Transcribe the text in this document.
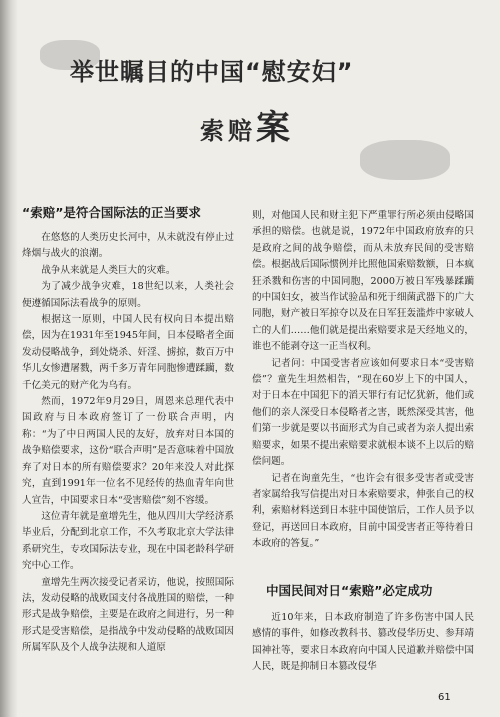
举世瞩目的中国“慰安妇”
索赔案
“索赔”是符合国际法的正当要求

在悠悠的人类历史长河中，从未就没有停止过烽烟与战火的浪潮。

战争从来就是人类巨大的灾难。

为了减少战争灾难，18世纪以来，人类社会便遵循国际法看战争的原则。

根据这一原则，中国人民有权向日本提出赔偿，因为在1931年至1945年间，日本侵略者全面发动侵略战争，到处烧杀、奸淫、掳掠，数百万中华儿女惨遭屠戮，两千多万青年同胞惨遭蹂躏，数千亿美元的财产化为乌有。

然而，1972年9月29日，周恩来总理代表中国政府与日本政府签订了一份联合声明，内称：“为了中日两国人民的友好，放弃对日本国的战争赔偿要求，这份“联合声明”是否意味着中国放弃了对日本的所有赔偿要求？20年来没人对此探究，直到1991年一位名不见经传的热血青年向世人宣告，中国要求日本“受害赔偿”刻不容缓。

这位青年就是童增先生，他从四川大学经济系毕业后，分配到北京工作，不久考取北京大学法律系研究生，专攻国际法专业，现在中国老龄科学研究中心工作。

童增先生两次接受记者采访，他说，按照国际法，发动侵略的战败国支付各战胜国的赔偿，一种形式是战争赔偿，主要是在政府之间进行，另一种形式是受害赔偿，是指战争中发动侵略的战败国因所属军队及个人战争法规和人道原

则，对他国人民和财主犯下严重罪行所必须由侵略国承担的赔偿。也就是说，1972年中国政府放弃的只是政府之间的战争赔偿，而从未放弃民间的受害赔偿。根据战后国际惯例并比照他国索赔数额，日本疯狂杀戮和伤害的中国同胞，2000万被日军残暴蹂躏的中国妇女，被当作试验品和死于细菌武器下的广大同胞，财产被日军掠夺以及在日军狂轰滥炸中家破人亡的人们……他们就是提出索赔要求是天经地义的，谁也不能剥夺这一正当权利。

记者问：中国受害者应该如何要求日本“受害赔偿”？童先生坦然相告，“现在60岁上下的中国人，对于日本在中国犯下的滔天罪行有记忆犹新，他们或他们的亲人深受日本侵略者之害，既然深受其害，他们第一步就是要以书面形式为自己或者为亲人提出索赔要求，如果不提出索赔要求就根本谈不上以后的赔偿问题。

记者在询童先生，“也许会有很多受害者或受害者家属给我写信提出对日本索赔要求，伸张自己的权利，索赔材料送到日本驻中国使馆后，工作人员予以登记，再送回日本政府，目前中国受害者正等待着日本政府的答复。”

中国民间对日“索赔”必定成功

近10年来，日本政府制造了许多伤害中国人民感情的事件，如修改教科书、篡改侵华历史、参拜靖国神社等，要求日本政府向中国人民道歉并赔偿中国人民，既是抑制日本篡改侵华

61
